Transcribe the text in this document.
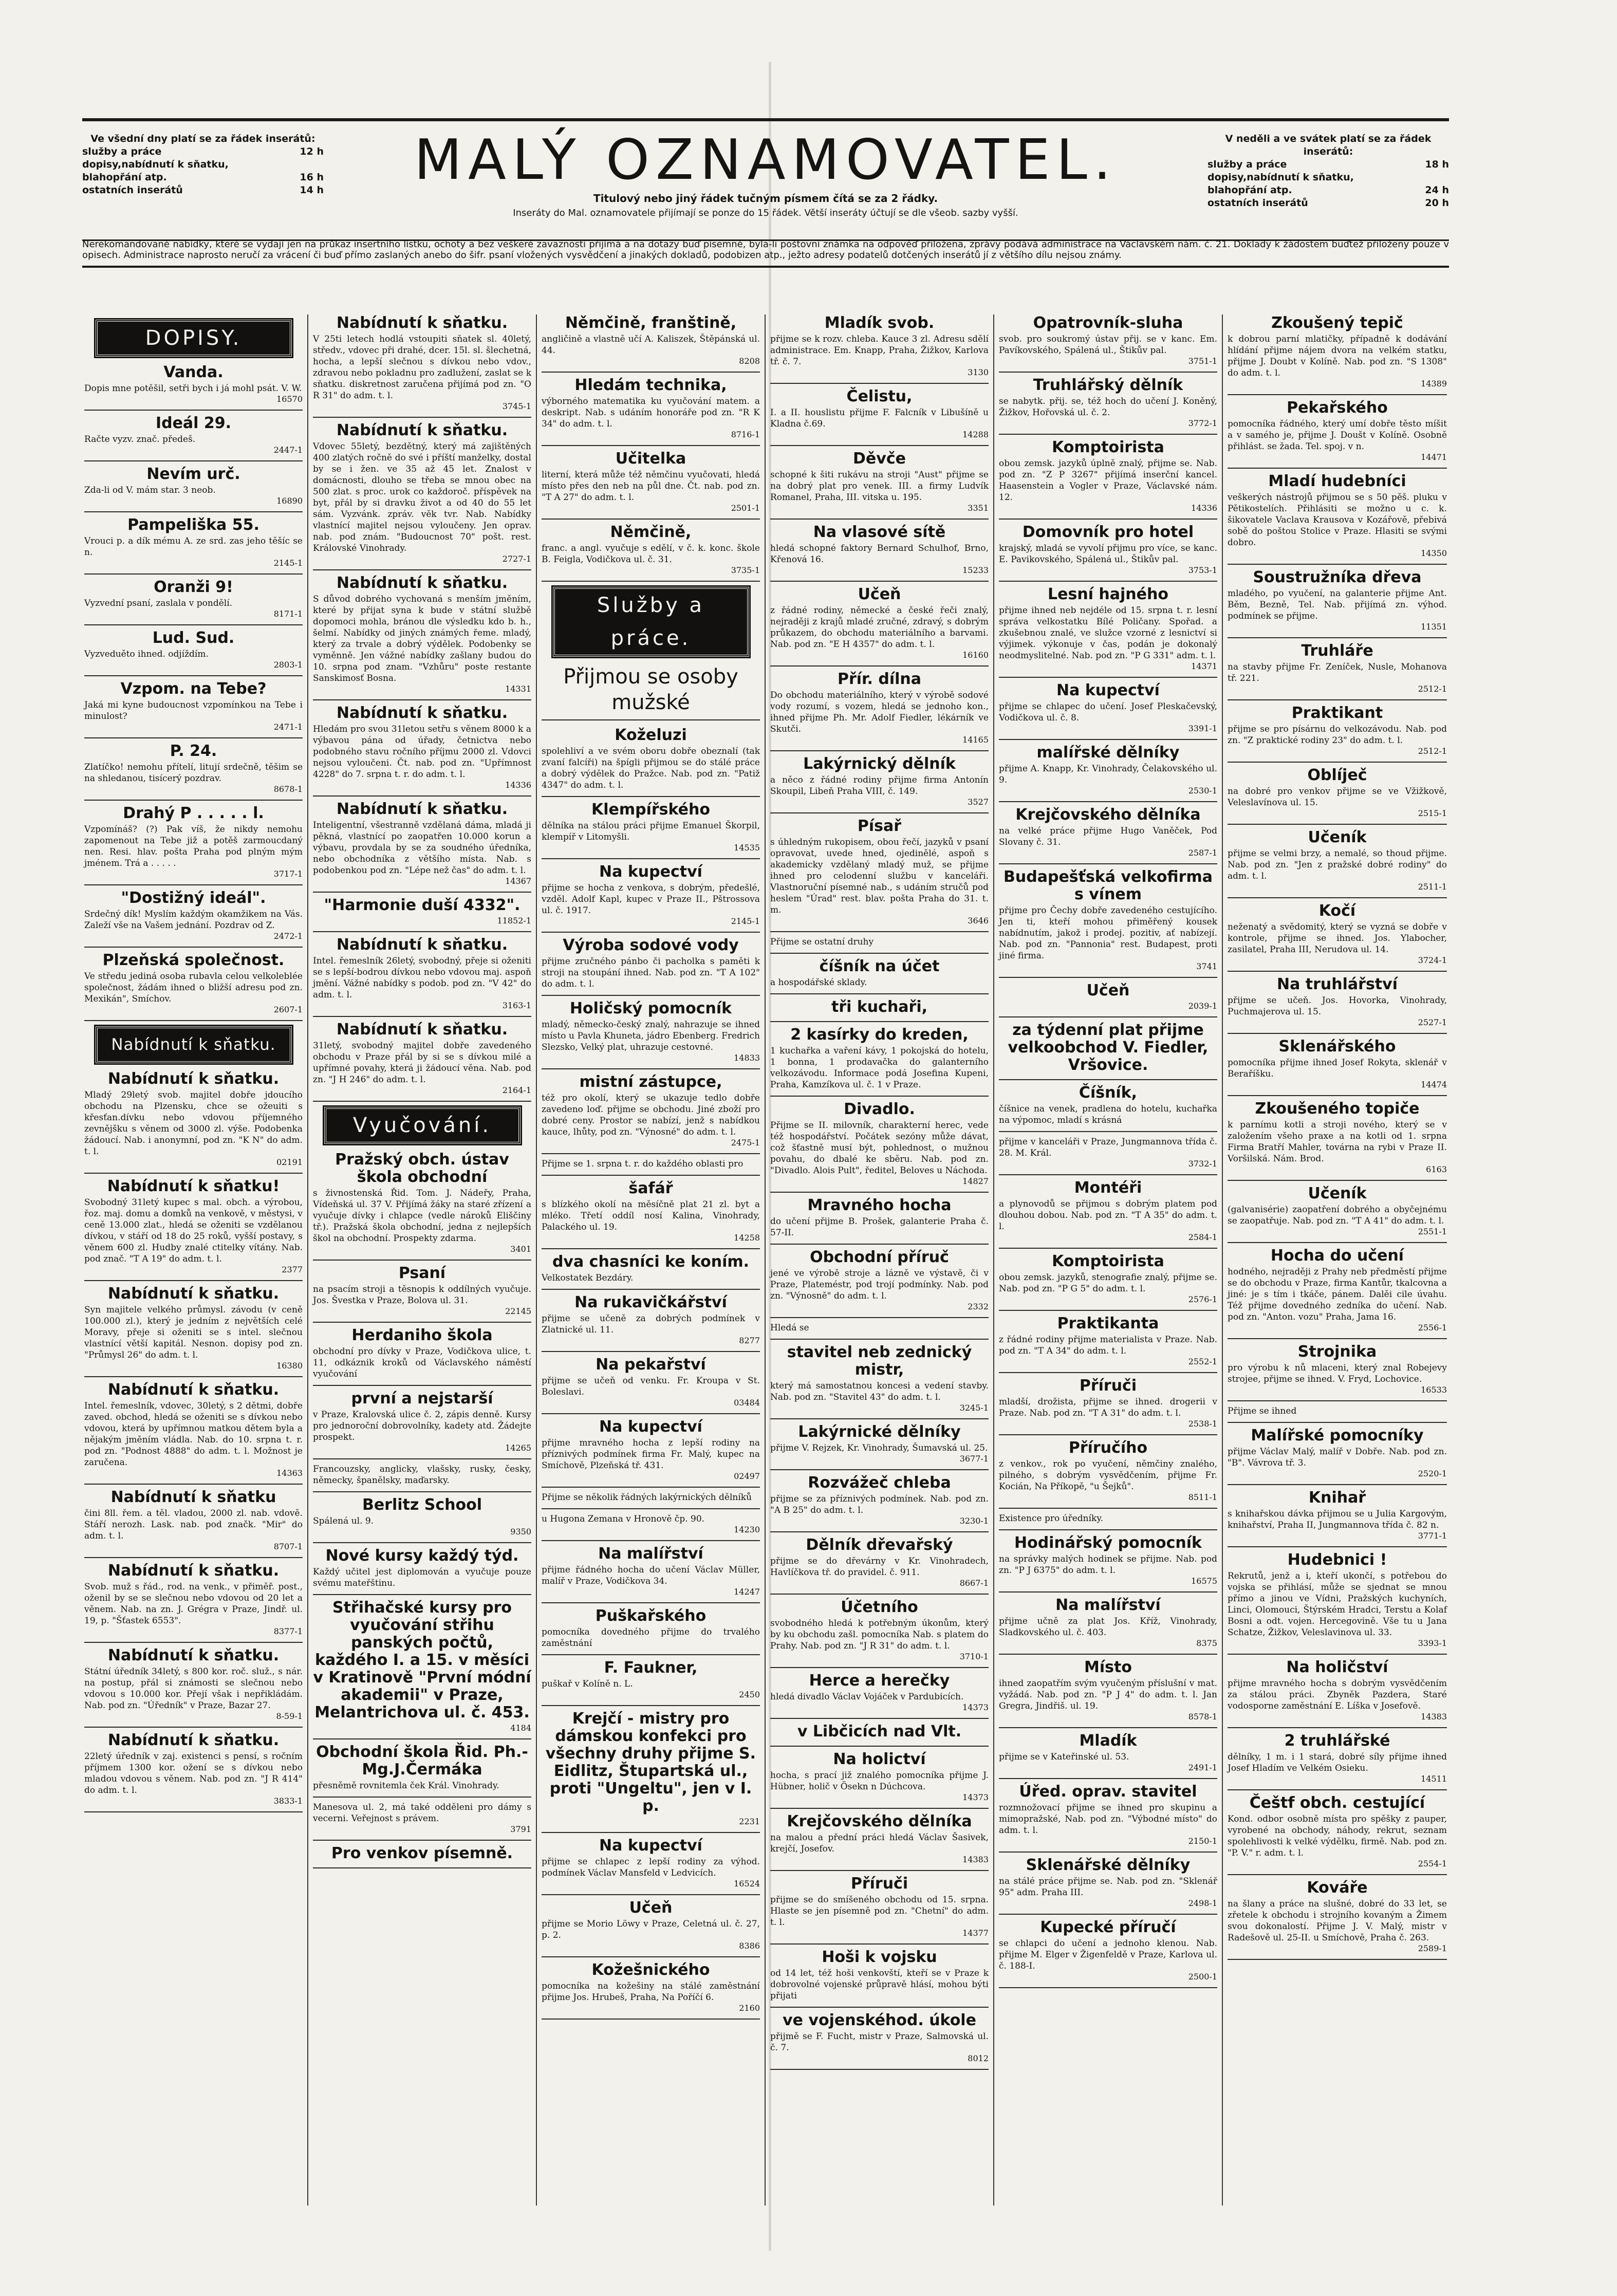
Ve všední dny platí se za řádek inserátů:
služby a práce	12 h
dopisy,nabídnutí k sňatku,
blahopřání atp.	16 h
ostatních inserátů	14 h	MALÝ OZNAMOVATEL.
Titulový nebo jiný řádek tučným písmem čítá se za 2 řádky.
Inseráty do Mal. oznamovatele přijímají se ponze do 15 řádek. Větší inseráty účtují se dle všeob. sazby vyšší.
V neděli a ve svátek platí se za řádek inserátů:
služby a práce	18 h
dopisy,nabídnutí k sňatku,
blahopřání atp.	24 h
ostatních inserátů	20 h
Nerekomandované nabídky, které se vydají jen na průkaz insertního lístku, ochoty a bez veškeré zavaznosti přijímá a na dotazy buď písemné, byla-li poštovní známka na odpověď přiložena, zprávy podává administrace na Václavském nám. č. 21. Doklady k žádostem buďtež přiloženy pouze v opisech. Administrace naprosto neručí za vrácení či buď přímo zaslaných anebo do šifr. psaní vložených vysvědčení a jinakých dokladů, podobizen atp., ježto adresy podatelů dotčených inserátů jí z většího dílu nejsou známy.
DOPISY.
Vanda.
Dopis mne potěšil, setři bych i já mohl psát. V. W.
16570
Ideál 29.
Račte vyzv. znač. předeš.
2447-1
Nevím urč.
Zda-li od V. mám star. 3 neob.
16890
Pampeliška 55.
Vrouci p. a dík mému A. ze srd. zas jeho těšíc se n.
2145-1
Oranži 9!
Vyzvední psaní, zaslala v pondělí.
8171-1
Lud. Sud.
Vyzveduěto ihned. odjíždím.
2803-1
Vzpom. na Tebe?
Jaká mi kyne budoucnost vzpomínkou na Tebe i minulost?
2471-1
P. 24.
Zlatíčko! nemohu přítelí, litují srdečně, těšim se na shledanou, tisícerý pozdrav.
8678-1
Drahý P . . . . . l.
Vzpomínáš? (?) Pak víš, že nikdy nemohu zapomenout na Tebe již a potěš zarmoucdaný nen. Resi. hlav. pošta Praha pod plným mým jménem. Trá a . . . . .
3717-1
"Dostižný ideál".
Srdečný dík! Myslím každým okamžikem na Vás. Zaleží vše na Vašem jednání. Pozdrav od Z.
2472-1
Plzeňská společnost.
Ve středu jediná osoba rubavla celou velkoleblée společnost, žádám ihned o bližší adresu pod zn. Mexikán", Smíchov.
2607-1
Nabídnutí k sňatku.
Nabídnutí k sňatku.
Mladý 29letý svob. majitel dobře jdoucího obchodu na Plzensku, chce se ožeuiti s křesťan.dívku nebo vdovou příjemného zevnějšku s věnem od 3000 zl. výše. Podobenka žádoucí. Nab. i anonymní, pod zn. "K N" do adm. t. l.
02191
Nabídnutí k sňatku!
Svobodný 31letý kupec s mal. obch. a výrobou, řoz. maj. domu a domků na venkově, v městysi, v ceně 13.000 zlat., hledá se oženiti se vzdělanou dívkou, v stáří od 18 do 25 roků, vyšší postavy, s věnem 600 zl. Hudby znalé ctitelky vítány. Nab. pod znač. "T A 19" do adm. t. l.
2377
Nabídnutí k sňatku.
Syn majitele velkého průmysl. závodu (v ceně 100.000 zl.), který je jedním z největších celé Moravy, přeje si oženiti se s intel. slečnou vlastnící větší kapitál. Nesnon. dopisy pod zn. "Průmysl 26" do adm. t. l.
16380
Nabídnutí k sňatku.
Intel. řemeslník, vdovec, 30letý, s 2 dětmi, dobře zaved. obchod, hledá se oženiti se s dívkou nebo vdovou, která by upřímnou matkou dětem byla a nějakým jměním vládla. Nab. do 10. srpna t. r. pod zn. "Podnost 4888" do adm. t. l. Možnost je zaručena.
14363
Nabídnutí k sňatku
čini 8ll. řem. a těl. vladou, 2000 zl. nab. vdově. Stáří nerozh. Lask. nab. pod značk. "Mir" do adm. t. l.
8707-1
Nabídnutí k sňatku.
Svob. muž s řád., rod. na venk., v přiměř. post., oženil by se se slečnou nebo vdovou od 20 let a věnem. Nab. na zn. J. Grégra v Praze, Jindř. ul. 19, p. "Šťastek 6553".
8377-1
Nabídnutí k sňatku.
Státní úředník 34letý, s 800 kor. roč. služ., s nár. na postup, přál si známosti se slečnou nebo vdovou s 10.000 kor. Přejí však i nepřikládám. Nab. pod zn. "Úředník" v Praze, Bazar 27.
8-59-1
Nabídnutí k sňatku.
22letý úředník v zaj. existenci s pensí, s ročním příjmem 1300 kor. ožení se s dívkou nebo mladou vdovou s věnem. Nab. pod zn. "J R 414" do adm. t. l.
3833-1
Nabídnutí k sňatku.
V 25ti letech hodlá vstoupiti sňatek sl. 40letý, středv., vdovec při drahé, dcer. 15l. sl. šlechetná, hocha, a lepší slečnou s dívkou nebo vdov., zdravou nebo pokladnu pro zadlužení, zaslat se k sňatku. diskretnost zaručena přijímá pod zn. "O R 31" do adm. t. l.
3745-1
Nabídnutí k sňatku.
Vdovec 55letý, bezdětný, který má zajištěných 400 zlatých ročně do své i příští manželky, dostal by se i žen. ve 35 až 45 let. Znalost v domácnosti, dlouho se třeba se mnou obec na 500 zlat. s proc. urok co každoroč. příspěvek na byt, přál by si dravku život a od 40 do 55 let sám. Vyzvánk. zpráv. věk tvr. Nab. Nabídky vlastnící majitel nejsou vyloučeny. Jen oprav. nab. pod znám. "Budoucnost 70" pošt. rest. Královské Vinohrady.
2727-1
Nabídnutí k sňatku.
S důvod dobrého vychovaná s menším jměním, které by přijat syna k bude v státní službě dopomoci mohla, bránou dle výsledku kdo b. h., šelmí. Nabídky od jiných známých řeme. mladý, který za trvale a dobrý výdělek. Podobenky se vyměnně. Jen vážné nabídky zašlany budou do 10. srpna pod znam. "Vzhůru" poste restante Sanskimosť Bosna.
14331
Nabídnutí k sňatku.
Hledám pro svou 31letou setřu s věnem 8000 k a výbavou pána od úřady, četnictva nebo podobného stavu ročního příjmu 2000 zl. Vdovci nejsou vyloučeni. Čt. nab. pod zn. "Upřímnost 4228" do 7. srpna t. r. do adm. t. l.
14336
Nabídnutí k sňatku.
Inteligentní, všestranně vzdělaná dáma, mladá ji pěkná, vlastnící po zaopatřen 10.000 korun a výbavu, provdala by se za soudného úředníka, nebo obchodníka z většího místa. Nab. s podobenkou pod zn. "Lépe než čas" do adm. t. l.
14367
"Harmonie duší 4332".
11852-1
Nabídnutí k sňatku.
Intel. řemeslník 26letý, svobodný, přeje si oženiti se s lepší-bodrou dívkou nebo vdovou maj. aspoň jmění. Vážné nabídky s podob. pod zn. "V 42" do adm. t. l.
3163-1
Nabídnutí k sňatku.
31letý, svobodný majitel dobře zavedeného obchodu v Praze přál by si se s dívkou milé a upřímné povahy, která ji žádoucí věna. Nab. pod zn. "J H 246" do adm. t. l.
2164-1
Vyučování.
Pražský obch. ústav škola obchodní
s živnostenská Řid. Tom. J. Nádeřy, Praha, Vídeňská ul. 37 V. Přijímá žáky na staré zřízení a vyučuje dívky i chlapce (vedle nároků Eliščiny tř.). Pražská škola obchodní, jedna z nejlepších škol na obchodní. Prospekty zdarma.
3401
Psaní
na psacím stroji a těsnopis k oddílných vyučuje. Jos. Švestka v Praze, Bolova ul. 31.
22145
Herdaniho škola
obchodní pro dívky v Praze, Vodičkova ulice, t. 11, odkáznik kroků od Václavského náměstí vyučování
první a nejstarší
v Praze, Kralovská ulice č. 2, zápis denně. Kursy pro jednoroční dobrovolníky, kadety atd. Žádejte prospekt.
14265
Francouzsky, anglicky, vlašsky, rusky, česky, německy, španělsky, maďarsky.
Berlitz School
Spálená ul. 9.
9350
Nové kursy každý týd.
Každý učitel jest diplomován a vyučuje pouze svému mateřštinu.
Střihačské kursy pro vyučování střihu panských počtů, každého I. a 15. v měsíci v Kratinově "První módní akademii" v Praze, Melantrichova ul. č. 453.
4184
Obchodní škola Řid. Ph.-Mg.J.Čermáka
přesněmě rovnitemla ček Král. Vinohrady.
Manesova ul. 2, má také odděleni pro dámy s vecerni. Veřejnost s právem.
3791
Pro venkov písemně.
Němčině, franštině,
angličině a vlastně učí A. Kaliszek, Štěpánská ul. 44.
8208
Hledám technika,
výborného matematika ku vyučování matem. a deskript. Nab. s udáním honoráře pod zn. "R K 34" do adm. t. l.
8716-1
Učitelka
literní, která může též němčinu vyučovati, hledá místo přes den neb na půl dne. Čt. nab. pod zn. "T A 27" do adm. t. l.
2501-1
Němčině,
franc. a angl. vyučuje s edělí, v č. k. konc. škole B. Feigla, Vodičkova ul. č. 31.
3735-1
Služby a práce.
Přijmou se osoby mužské
Koželuzi
spolehliví a ve svém oboru dobře obeznalí (tak zvaní falcíři) na špígli přijmou se do stálé práce a dobrý výdělek do Pražce. Nab. pod zn. "Patiž 4347" do adm. t. l.
Klempířského
dělníka na stálou práci přijme Emanuel Škorpil, klempíř v Litomyšli.
14535
Na kupectví
přijme se hocha z venkova, s dobrým, předešlé, vzděl. Adolf Kapl, kupec v Praze II., Pštrossova ul. č. 1917.
2145-1
Výroba sodové vody
přijme zručného pánbo či pacholka s paměti k stroji na stoupání ihned. Nab. pod zn. "T A 102" do adm. t. l.
Holičský pomocník
mladý, německo-český znalý, nahrazuje se ihned místo u Pavla Khuneta, jádro Ebenberg. Fredrich Slezsko, Velký plat, uhrazuje cestovné.
14833
mistní zástupce,
též pro okolí, který se ukazuje tedlo dobře zavedeno loď. přijme se obchodu. Jiné zboží pro dobré ceny. Prostor se nabízí, jenž s nabídkou kauce, lhůty, pod zn. "Výnosné" do adm. t. l.
2475-1
Přijme se 1. srpna t. r. do každého oblasti pro
šafář
s blízkého okolí na měsíčně plat 21 zl. byt a mléko. Třetí oddíl nosí Kalina, Vinohrady, Palackého ul. 19.
14258
dva chasníci ke koním.
Velkostatek Bezdáry.
Na rukavičkářství
přijme se učeně za dobrých podmínek v Zlatnické ul. 11.
8277
Na pekařství
přijme se učeň od venku. Fr. Kroupa v St. Boleslavi.
03484
Na kupectví
přijme mravného hocha z lepší rodiny na příznivých podmínek firma Fr. Malý, kupec na Smíchově, Plzeňská tř. 431.
02497
Přijme se několik řádných lakýrnických dělníků
u Hugona Zemana v Hronově čp. 90.
14230
Na malířství
přijme řádného hocha do učení Václav Müller, malíř v Praze, Vodičkova 34.
14247
Puškařského
pomocníka dovedného přijme do trvalého zaměstnání
F. Faukner,
puškař v Kolíně n. L.
2450
Krejčí - mistry pro dámskou konfekci pro všechny druhy přijme S. Eidlitz, Štupartská ul., proti "Ungeltu", jen v I. p.
2231
Na kupectví
přijme se chlapec z lepší rodiny za výhod. podmínek Václav Mansfeld v Ledvicích.
16524
Učeň
přijme se Morio Löwy v Praze, Celetná ul. č. 27, p. 2.
8386
Kožešnického
pomocníka na kožešiny na stálé zaměstnání přijme Jos. Hrubeš, Praha, Na Poříčí 6.
2160
Mladík svob.
přijme se k rozv. chleba. Kauce 3 zl. Adresu sdělí administrace. Em. Knapp, Praha, Žižkov, Karlova tř. č. 7.
3130
Čelistu,
I. a II. houslistu přijme F. Falcník v Libušíně u Kladna č.69.
14288
Děvče
schopné k šiti rukávu na stroji "Aust" přijme se na dobrý plat pro venek. III. a firmy Ludvík Romanel, Praha, III. vitska u. 195.
3351
Na vlasové sítě
hledá schopné faktory Bernard Schulhof, Brno, Křenová 16.
15233
Učeň
z řádné rodiny, německé a české řeči znalý, nejraději z krajů mladé zručné, zdravý, s dobrým průkazem, do obchodu materiálního a barvami. Nab. pod zn. "E H 4357" do adm. t. l.
16160
Přír. dílna
Do obchodu materiálního, který v výrobě sodové vody rozumí, s vozem, hledá se jednoho kon., ihned přijme Ph. Mr. Adolf Fiedler, lékárník ve Skutči.
14165
Lakýrnický dělník
a něco z řádné rodiny přijme firma Antonín Skoupil, Libeň Praha VIII, č. 149.
3527
Písař
s úhledným rukopisem, obou řečí, jazyků v psaní opravovat, uvede hned, ojedinělé, aspoň s akademicky vzdělaný mladý muž, se přijme ihned pro celodenní službu v kanceláři. Vlastnoruční písemné nab., s udáním stručů pod heslem "Úrad" rest. blav. pošta Praha do 31. t. m.
3646
Přijme se ostatní druhy
číšník na účet
a hospodářské sklady.
tři kuchaři,
2 kasírky do kreden,
1 kuchařka a vaření kávy, 1 pokojská do hotelu, 1 bonna, 1 prodavačka do galanterního velkozávodu. Informace podá Josefina Kupeni, Praha, Kamzíkova ul. č. 1 v Praze.
Divadlo.
Přijme se II. milovník, charakterní herec, vede též hospodářství. Počátek sezóny může dávat, což šťastně musí být, pohlednost, o mužnou povahu, do dbalé ke sběru. Nab. pod zn. "Divadlo. Alois Pult", ředitel, Beloves u Náchoda.
14827
Mravného hocha
do učení přijme B. Prošek, galanterie Praha č. 57-II.
Obchodní příruč
jené ve výrobě stroje a lázně ve výstavě, či v Praze, Plateméstr, pod trojí podmínky. Nab. pod zn. "Výnosně" do adm. t. l.
2332
Hledá se
stavitel neb zednický mistr,
který má samostatnou koncesi a vedení stavby. Nab. pod zn. "Stavitel 43" do adm. t. l.
3245-1
Lakýrnické dělníky
přijme V. Rejzek, Kr. Vinohrady, Šumavská ul. 25.
3677-1
Rozvážeč chleba
přijme se za příznivých podmínek. Nab. pod zn. "A B 25" do adm. t. l.
3230-1
Dělník dřevařský
přijme se do dřevárny v Kr. Vinohradech, Havlíčkova tř. do pravidel. č. 911.
8667-1
Účetního
svobodného hledá k potřebným úkonům, který by ku obchodu zašl. pomocníka Nab. s platem do Prahy. Nab. pod zn. "J R 31" do adm. t. l.
3710-1
Herce a herečky
hledá divadlo Václav Vojáček v Pardubicích.
14373
v Libčicích nad Vlt.
Na holictví
hocha, s prací již znalého pomocníka přijme J. Hübner, holič v Ösekn n Dúchcova.
14373
Krejčovského dělníka
na malou a přední práci hledá Václav Šasivek, krejčí, Josefov.
14383
Příruči
přijme se do smíšeného obchodu od 15. srpna. Hlaste se jen písemně pod zn. "Chetní" do adm. t. l.
14377
Hoši k vojsku
od 14 let, též hoši venkovští, kteří se v Praze k dobrovolné vojenské průpravě hlásí, mohou býti přijati
ve vojenskéhod. úkole
přijmě se F. Fucht, mistr v Praze, Salmovská ul. č. 7.
8012
Opatrovník-sluha
svob. pro soukromý ústav přij. se v kanc. Em. Pavíkovského, Spálená ul., Štikův pal.
3751-1
Truhlářský dělník
se nabytk. přij. se, též hoch do učení J. Koněný, Žižkov, Hořovská ul. č. 2.
3772-1
Komptoirista
obou zemsk. jazyků úplně znalý, přijme se. Nab. pod zn. "Z P 3267" přijímá inserční kancel. Haasenstein a Vogler v Praze, Václavské nám. 12.
14336
Domovník pro hotel
krajský, mladá se vyvolí přijmu pro více, se kanc. E. Pavikovského, Spálená ul., Štikův pal.
3753-1
Lesní hajného
přijme ihned neb nejdéle od 15. srpna t. r. lesní správa velkostatku Bílé Poličany. Spořad. a zkušebnou znalé, ve služce vzorné z lesnictví si výjimek. výkonuje v čas, podán je dokonalý neodmyslitelné. Nab. pod zn. "P G 331" adm. t. l.
14371
Na kupectví
přijme se chlapec do učení. Josef Pleskačevský, Vodičkova ul. č. 8.
3391-1
malířské dělníky
přijme A. Knapp, Kr. Vinohrady, Čelakovského ul. 9.
2530-1
Krejčovského dělníka
na velké práce přijme Hugo Vaněček, Pod Slovany č. 31.
2587-1
Budapešťská velkofirma s vínem
přijme pro Čechy dobře zavedeného cestujícího. Jen ti, kteří mohou přiměřený kousek nabídnutím, jakož i prodej. pozitiv, ať nabízejí. Nab. pod zn. "Pannonia" rest. Budapest, proti jiné firma.
3741
Učeň
2039-1
za týdenní plat přijme velkoobchod V. Fiedler, Vršovice.
Číšník,
číšnice na venek, pradlena do hotelu, kuchařka na výpomoc, mladí s krásná
přijme v kanceláři v Praze, Jungmannova třída č. 28. M. Král.
3732-1
Montéři
a plynovodů se přijmou s dobrým platem pod dlouhou dobou. Nab. pod zn. "T A 35" do adm. t. l.
2584-1
Komptoirista
obou zemsk. jazyků, stenografie znalý, přijme se. Nab. pod zn. "P G 5" do adm. t. l.
2576-1
Praktikanta
z řádné rodiny přijme materialista v Praze. Nab. pod zn. "T A 34" do adm. t. l.
2552-1
Příruči
mladší, drožista, přijme se ihned. drogerii v Praze. Nab. pod zn. "T A 31" do adm. t. l.
2538-1
Příručího
z venkov., rok po vyučení, němčiny znalého, pilného, s dobrým vysvědčením, přijme Fr. Kocián, Na Příkopě, "u Šejků".
8511-1
Existence pro úředníky.
Hodinářský pomocník
na správky malých hodinek se přijme. Nab. pod zn. "P J 6375" do adm. t. l.
16575
Na malířství
přijme učně za plat Jos. Kříž, Vinohrady, Sladkovského ul. č. 403.
8375
Místo
ihned zaopatřím svým vyučeným příslušní v mat. vyžádá. Nab. pod zn. "P J 4" do adm. t. l. Jan Gregra, Jindřiš. ul. 19.
8578-1
Mladík
přijme se v Kateřinské ul. 53.
2491-1
Úřed. oprav. stavitel
rozmnožovací přijme se ihned pro skupinu a mimopražské, Nab. pod zn. "Výbodné místo" do adm. t. l.
2150-1
Sklenářské dělníky
na stálé práce přijme se. Nab. pod zn. "Sklenář 95" adm. Praha III.
2498-1
Kupecké příručí
se chlapci do učení a jednoho klenou. Nab. přijme M. Elger v Žigenfeldě v Praze, Karlova ul. č. 188-I.
2500-1
Zkoušený tepič
k dobrou parní mlatičky, případně k dodávání hlídání přijme nájem dvora na velkém statku, přijme J. Doubt v Kolíně. Nab. pod zn. "S 1308" do adm. t. l.
14389
Pekařského
pomocníka řádného, který umí dobře těsto míšit a v samého je, přijme J. Doušt v Kolíně. Osobně přihlást. se žada. Tel. spoj. v n.
14471
Mladí hudebníci
veškerých nástrojů přijmou se s 50 pěš. pluku v Pětikostelích. Přihlásiti se možno u c. k. šikovatele Vaclava Krausova v Kozářově, přebivá sobě do poštou Stolice v Praze. Hlasiti se svými dobro.
14350
Soustružníka dřeva
mladého, po vyučení, na galanterie přijme Ant. Běm, Bezně, Tel. Nab. přijímá zn. výhod. podmínek se přijme.
11351
Truhláře
na stavby přijme Fr. Zeníček, Nusle, Mohanova tř. 221.
2512-1
Praktikant
přijme se pro písárnu do velkozávodu. Nab. pod zn. "Z praktické rodiny 23" do adm. t. l.
2512-1
Oblíječ
na dobré pro venkov přijme se ve Vžižkově, Veleslavínova ul. 15.
2515-1
Učeník
přijme se velmi brzy, a nemalé, so thoud přijme. Nab. pod zn. "Jen z pražské dobré rodiny" do adm. t. l.
2511-1
Kočí
neženatý a svědomitý, který se vyzná se dobře v kontrole, přijme se ihned. Jos. Ylabocher, zasilatel, Praha III, Nerudova ul. 14.
3724-1
Na truhlářství
přijme se učeň. Jos. Hovorka, Vinohrady, Puchmajerova ul. 15.
2527-1
Sklenářského
pomocníka přijme ihned Josef Rokyta, sklenář v Beraříšku.
14474
Zkoušeného topiče
k parnímu kotli a stroji nového, který se v založením všeho praxe a na kotli od 1. srpna Firma Bratří Mahler, továrna na rybi v Praze II. Voršilská. Nám. Brod.
6163
Učeník
(galvanisérie) zaopatření dobrého a obyčejnému se zaopatřuje. Nab. pod zn. "T A 41" do adm. t. l.
2551-1
Hocha do učení
hodného, nejraději z Prahy neb předměstí přijme se do obchodu v Praze, firma Kantůr, tkalcovna a jiné: je s tím i tkáče, pánem. Dalěi cile úvahu. Též přijme dovedného zedníka do učení. Nab. pod zn. "Anton. vozu" Praha, Jama 16.
2556-1
Strojnika
pro výrobu k nů mlaceni, který znal Robejevy strojee, přijme se ihned. V. Fryd, Lochovice.
16533
Přijme se ihned
Malířské pomocníky
přijme Václav Malý, malíř v Dobře. Nab. pod zn. "B". Vávrova tř. 3.
2520-1
Knihař
s knihařskou dávka přijmou se u Julia Kargovým, knihařství, Praha II, Jungmannova třída č. 82 n.
3771-1
Hudebnici !
Rekrutů, jenž a i, kteří ukončí, s potřebou do vojska se přihlásí, může se sjednat se mnou přímo a jinou ve Vídni, Pražských kuchyních, Linci, Olomouci, Štýrském Hradci, Terstu a Kolaf Bosni a odt. vojen. Hercegovině. Vše tu u Jana Schatze, Žižkov, Veleslavinova ul. 33.
3393-1
Na holičství
přijme mravného hocha s dobrým vysvědčením za stálou práci. Zbyněk Pazdera, Staré vodosporne zaměstnání E. Líška v Josefově.
14383
2 truhlářské
dělníky, 1 m. i 1 stará, dobré síly přijme ihned Josef Hladím ve Velkém Osieku.
14511
Češtf obch. cestující
Kond. odbor osobně místa pro spěšky z pauper, vyrobené na obchody, náhody, rekrut, seznam spolehlivosti k velké výdělku, firmě. Nab. pod zn. "P. V." r. adm. t. l.
2554-1
Kováře
na šlany a práce na slušné, dobré do 33 let, se zřetele k obchodu i strojního kovaným a Žimem svou dokonalostí. Přijme J. V. Malý, mistr v Radešově ul. 25-II. u Smíchově, Praha č. 263.
2589-1
